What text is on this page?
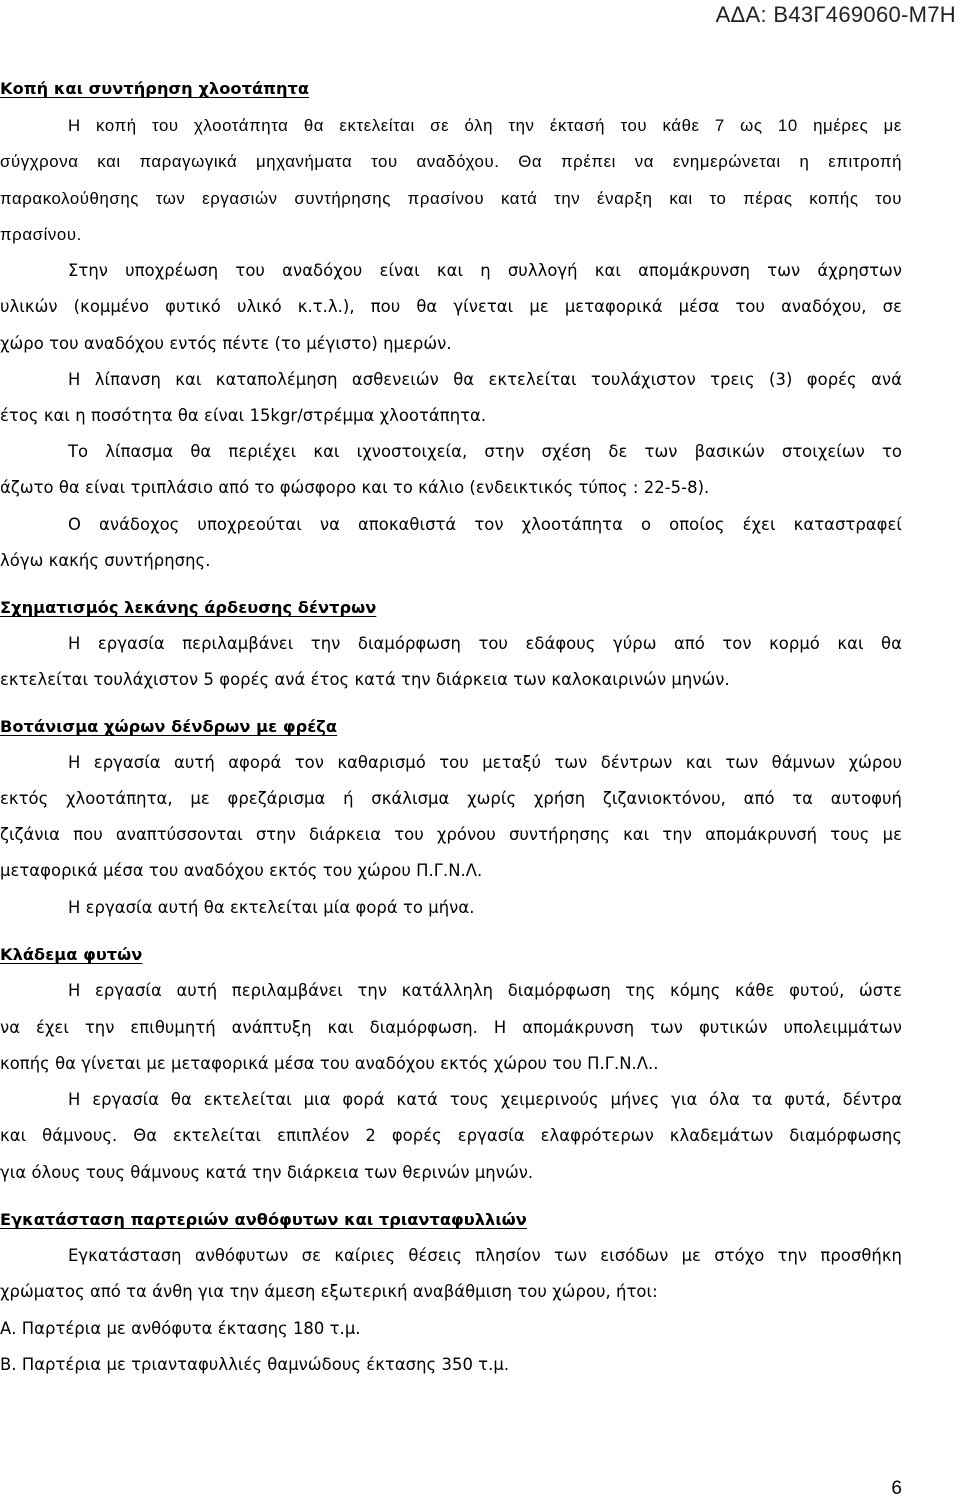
ΑΔΑ: Β43Γ469060-Μ7Η

Κοπή και συντήρηση χλοοτάπητα

Η κοπή του χλοοτάπητα θα εκτελείται σε όλη την έκτασή του κάθε 7 ως 10 ημέρες με

σύγχρονα και παραγωγικά μηχανήματα του αναδόχου. Θα πρέπει να ενημερώνεται η επιτροπή

παρακολούθησης των εργασιών συντήρησης πρασίνου κατά την έναρξη και το πέρας κοπής του

πρασίνου.

Στην υποχρέωση του αναδόχου είναι και η συλλογή και απομάκρυνση των άχρηστων

υλικών (κομμένο φυτικό υλικό κ.τ.λ.), που θα γίνεται με μεταφορικά μέσα του αναδόχου, σε

χώρο του αναδόχου εντός πέντε (το μέγιστο) ημερών.

Η λίπανση και καταπολέμηση ασθενειών θα εκτελείται τουλάχιστον τρεις (3) φορές ανά

έτος και η ποσότητα θα είναι 15kgr/στρέμμα χλοοτάπητα.

Το λίπασμα θα περιέχει και ιχνοστοιχεία, στην σχέση δε των βασικών στοιχείων το

άζωτο θα είναι τριπλάσιο από το φώσφορο και το κάλιο (ενδεικτικός τύπος : 22-5-8).

Ο ανάδοχος υποχρεούται να αποκαθιστά τον χλοοτάπητα ο οποίος έχει καταστραφεί

λόγω κακής συντήρησης.

Σχηματισμός λεκάνης άρδευσης δέντρων

Η εργασία περιλαμβάνει την διαμόρφωση του εδάφους γύρω από τον κορμό και θα

εκτελείται τουλάχιστον 5 φορές ανά έτος κατά την διάρκεια των καλοκαιρινών μηνών.

Βοτάνισμα χώρων δένδρων με φρέζα

Η εργασία αυτή αφορά τον καθαρισμό του μεταξύ των δέντρων και των θάμνων χώρου

εκτός χλοοτάπητα, με φρεζάρισμα ή σκάλισμα χωρίς χρήση ζιζανιοκτόνου, από τα αυτοφυή

ζιζάνια που αναπτύσσονται στην διάρκεια του χρόνου συντήρησης και την απομάκρυνσή τους με

μεταφορικά μέσα του αναδόχου εκτός του χώρου Π.Γ.Ν.Λ.

Η εργασία αυτή θα εκτελείται μία φορά το μήνα.

Κλάδεμα φυτών

Η εργασία αυτή περιλαμβάνει την κατάλληλη διαμόρφωση της κόμης κάθε φυτού, ώστε

να έχει την επιθυμητή ανάπτυξη και διαμόρφωση. Η απομάκρυνση των φυτικών υπολειμμάτων

κοπής θα γίνεται με μεταφορικά μέσα του αναδόχου εκτός χώρου του Π.Γ.Ν.Λ..

Η εργασία θα εκτελείται μια φορά κατά τους χειμερινούς μήνες για όλα τα φυτά, δέντρα

και θάμνους. Θα εκτελείται επιπλέον 2 φορές εργασία ελαφρότερων κλαδεμάτων διαμόρφωσης

για όλους τους θάμνους κατά την διάρκεια των θερινών μηνών.

Εγκατάσταση παρτεριών ανθόφυτων και τριανταφυλλιών

Εγκατάσταση ανθόφυτων σε καίριες θέσεις πλησίον των εισόδων με στόχο την προσθήκη

χρώματος από τα άνθη για την άμεση εξωτερική αναβάθμιση του χώρου, ήτοι:

Α. Παρτέρια με ανθόφυτα έκτασης 180 τ.μ.

Β. Παρτέρια με τριανταφυλλιές θαμνώδους έκτασης 350 τ.μ.

6
